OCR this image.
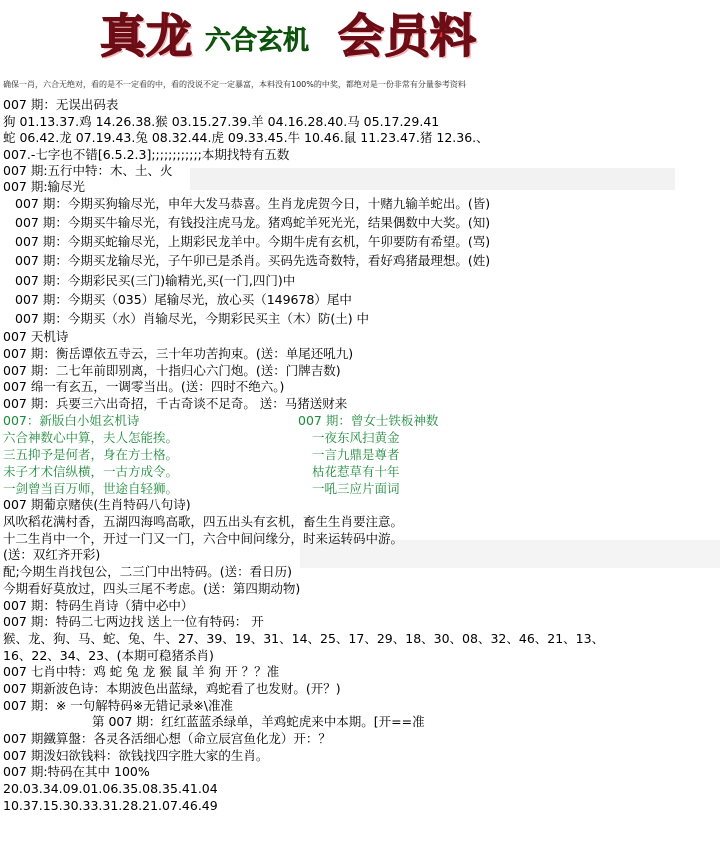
真龙 六合玄机 会员料
确保一肖，六合无绝对，看的是不一定看的中，看的没说不定一定暴富，本料没有100%的中奖，都绝对是一份非常有分量参考资料
007 期：无误出码表
狗 01.13.37.鸡 14.26.38.猴 03.15.27.39.羊 04.16.28.40.马 05.17.29.41
蛇 06.42.龙 07.19.43.兔 08.32.44.虎 09.33.45.牛 10.46.鼠 11.23.47.猪 12.36.、
007.-七字也不错[6.5.2.3];;;;;;;;;;;;本期找特有五数
007 期:五行中特：木、土、火
007 期:输尽光
007 期：今期买狗输尽光，申年大发马恭喜。生肖龙虎贺今日，十赌九输羊蛇出。(皆)
007 期：今期买牛输尽光，有钱投注虎马龙。猪鸡蛇羊死光光，结果偶数中大奖。(知)
007 期：今期买蛇输尽光，上期彩民龙羊中。今期牛虎有玄机，午卯要防有希望。(骂)
007 期：今期买龙输尽光，子午卯已是杀肖。买码先选奇数特，看好鸡猪最理想。(姓)
007 期：今期彩民买(三门)输精光,买(一门,四门)中
007 期：今期买（035）尾输尽光，放心买（149678）尾中
007 期：今期买（水）肖输尽光，今期彩民买主（木）防(土) 中
007 天机诗
007 期：衡岳谭依五寺云，三十年功苦拘束。(送：单尾还吼九)
007 期：二七年前即别离，十指归心六门炮。(送：门牌吉数)
007 绵一有玄五，一调零当出。(送：四时不绝六。)
007 期：兵要三六出奇招，千古奇谈不足奇。 送：马猪送财来
007：新版白小姐玄机诗	007 期：曾女士铁板神数
六合神数心中算，夫人怎能挨。	一夜东风扫黄金
三五抑予是何者，身在方士格。	一言九鼎是尊者
未子才术信纵横，一古方成令。	枯花惹草有十年
一剑曾当百万师，世途自轻狮。	一吼三应片面词
007 期葡京赌侠(生肖特码八句诗)
风吹稻花满村香，五湖四海鸣高歌，四五出头有玄机，畜生生肖要注意。
十二生肖中一个，开过一门又一门，六合中间问缘分，时来运转码中游。
(送：双红齐开彩)
配;今期生肖找包公，二三门中出特码。(送：看日历)
今期看好莫放过，四头三尾不考虑。(送：第四期动物)
007 期：特码生肖诗（猜中必中）
007 期：特码二七两边找 送上一位有特码： 开
猴、龙、狗、马、蛇、兔、牛、27、39、19、31、14、25、17、29、18、30、08、32、46、21、13、
16、22、34、23、(本期可稳猪杀肖)
007 七肖中特：鸡 蛇 兔 龙 猴 鼠 羊 狗 开 ？？准
007 期新波色诗：本期波色出蓝绿，鸡蛇看了也发财。(开？)
007 期：※ 一句解特码※无错记录※\准准
第 007 期：红红蓝蓝杀绿单，羊鸡蛇虎来中本期。[开==准
007 期鐵算盤：各灵各活细心想（命立辰宫鱼化龙）开：？
007 期泼妇欲钱料：欲钱找四字胜大家的生肖。
007 期:特码在其中 100%
20.03.34.09.01.06.35.08.35.41.04
10.37.15.30.33.31.28.21.07.46.49
